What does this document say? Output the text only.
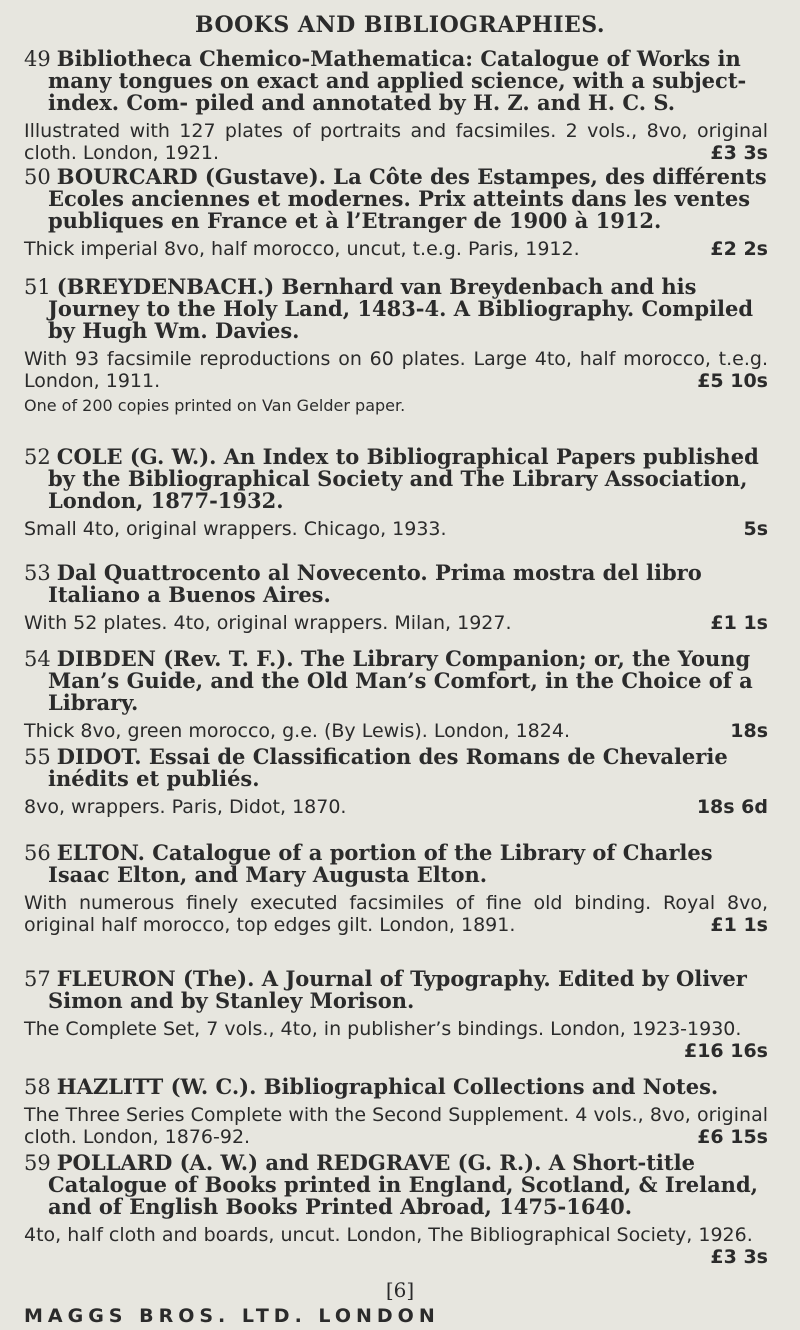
BOOKS AND BIBLIOGRAPHIES.

49 Bibliotheca Chemico-Mathematica: Catalogue of Works in many tongues on exact and applied science, with a subject-index. Com- piled and annotated by H. Z. and H. C. S.

Illustrated with 127 plates of portraits and facsimiles. 2 vols., 8vo, original cloth. London, 1921.	£3 3s

50 BOURCARD (Gustave). La Côte des Estampes, des différents Ecoles anciennes et modernes. Prix atteints dans les ventes publiques en France et à l’Etranger de 1900 à 1912.

Thick imperial 8vo, half morocco, uncut, t.e.g. Paris, 1912.	£2 2s

51 (BREYDENBACH.) Bernhard van Breydenbach and his Journey to the Holy Land, 1483-4. A Bibliography. Compiled by Hugh Wm. Davies.

With 93 facsimile reproductions on 60 plates. Large 4to, half morocco, t.e.g. London, 1911.	£5 10s

One of 200 copies printed on Van Gelder paper.

52 COLE (G. W.). An Index to Bibliographical Papers published by the Bibliographical Society and The Library Association, London, 1877-1932.

Small 4to, original wrappers. Chicago, 1933.	5s

53 Dal Quattrocento al Novecento. Prima mostra del libro Italiano a Buenos Aires.

With 52 plates. 4to, original wrappers. Milan, 1927.	£1 1s

54 DIBDEN (Rev. T. F.). The Library Companion; or, the Young Man’s Guide, and the Old Man’s Comfort, in the Choice of a Library.

Thick 8vo, green morocco, g.e. (By Lewis). London, 1824.	18s

55 DIDOT. Essai de Classification des Romans de Chevalerie inédits et publiés.

8vo, wrappers. Paris, Didot, 1870.	18s 6d

56 ELTON. Catalogue of a portion of the Library of Charles Isaac Elton, and Mary Augusta Elton.

With numerous finely executed facsimiles of fine old binding. Royal 8vo, original half morocco, top edges gilt. London, 1891.	£1 1s

57 FLEURON (The). A Journal of Typography. Edited by Oliver Simon and by Stanley Morison.

The Complete Set, 7 vols., 4to, in publisher’s bindings. London, 1923-1930.
£16 16s

58 HAZLITT (W. C.). Bibliographical Collections and Notes.

The Three Series Complete with the Second Supplement. 4 vols., 8vo, original cloth. London, 1876-92.	£6 15s

59 POLLARD (A. W.) and REDGRAVE (G. R.). A Short-title Catalogue of Books printed in England, Scotland, & Ireland, and of English Books Printed Abroad, 1475-1640.

4to, half cloth and boards, uncut. London, The Bibliographical Society, 1926.
£3 3s

[6]
MAGGS BROS. LTD. LONDON
